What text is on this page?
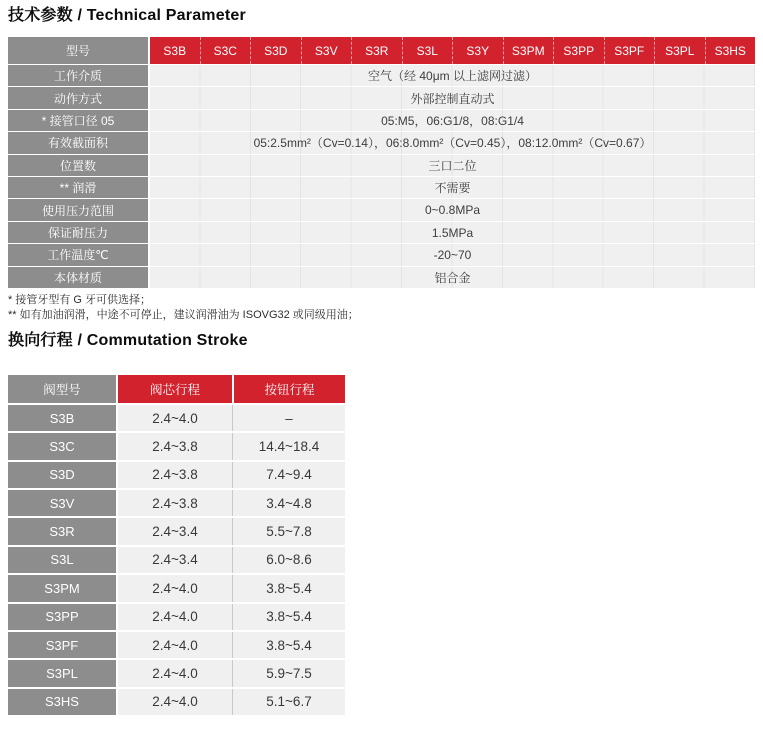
技术参数 / Technical Parameter
型号	S3B	S3C	S3D	S3V	S3R	S3L	S3Y	S3PM	S3PP	S3PF	S3PL	S3HS
工作介质	空气（经 40μm 以上滤网过滤）
动作方式	外部控制直动式
* 接管口径 05	05:M5，06:G1/8，08:G1/4
有效截面积	05:2.5mm²（Cv=0.14），06:8.0mm²（Cv=0.45），08:12.0mm²（Cv=0.67）
位置数	三口二位
** 润滑	不需要
使用压力范围	0~0.8MPa
保证耐压力	1.5MPa
工作温度℃	-20~70
本体材质	铝合金
* 接管牙型有 G 牙可供选择；
** 如有加油润滑，中途不可停止，建议润滑油为 ISOVG32 或同级用油；
换向行程 / Commutation Stroke
阀型号	阀芯行程	按钮行程
S3B	2.4~4.0	–
S3C	2.4~3.8	14.4~18.4
S3D	2.4~3.8	7.4~9.4
S3V	2.4~3.8	3.4~4.8
S3R	2.4~3.4	5.5~7.8
S3L	2.4~3.4	6.0~8.6
S3PM	2.4~4.0	3.8~5.4
S3PP	2.4~4.0	3.8~5.4
S3PF	2.4~4.0	3.8~5.4
S3PL	2.4~4.0	5.9~7.5
S3HS	2.4~4.0	5.1~6.7
